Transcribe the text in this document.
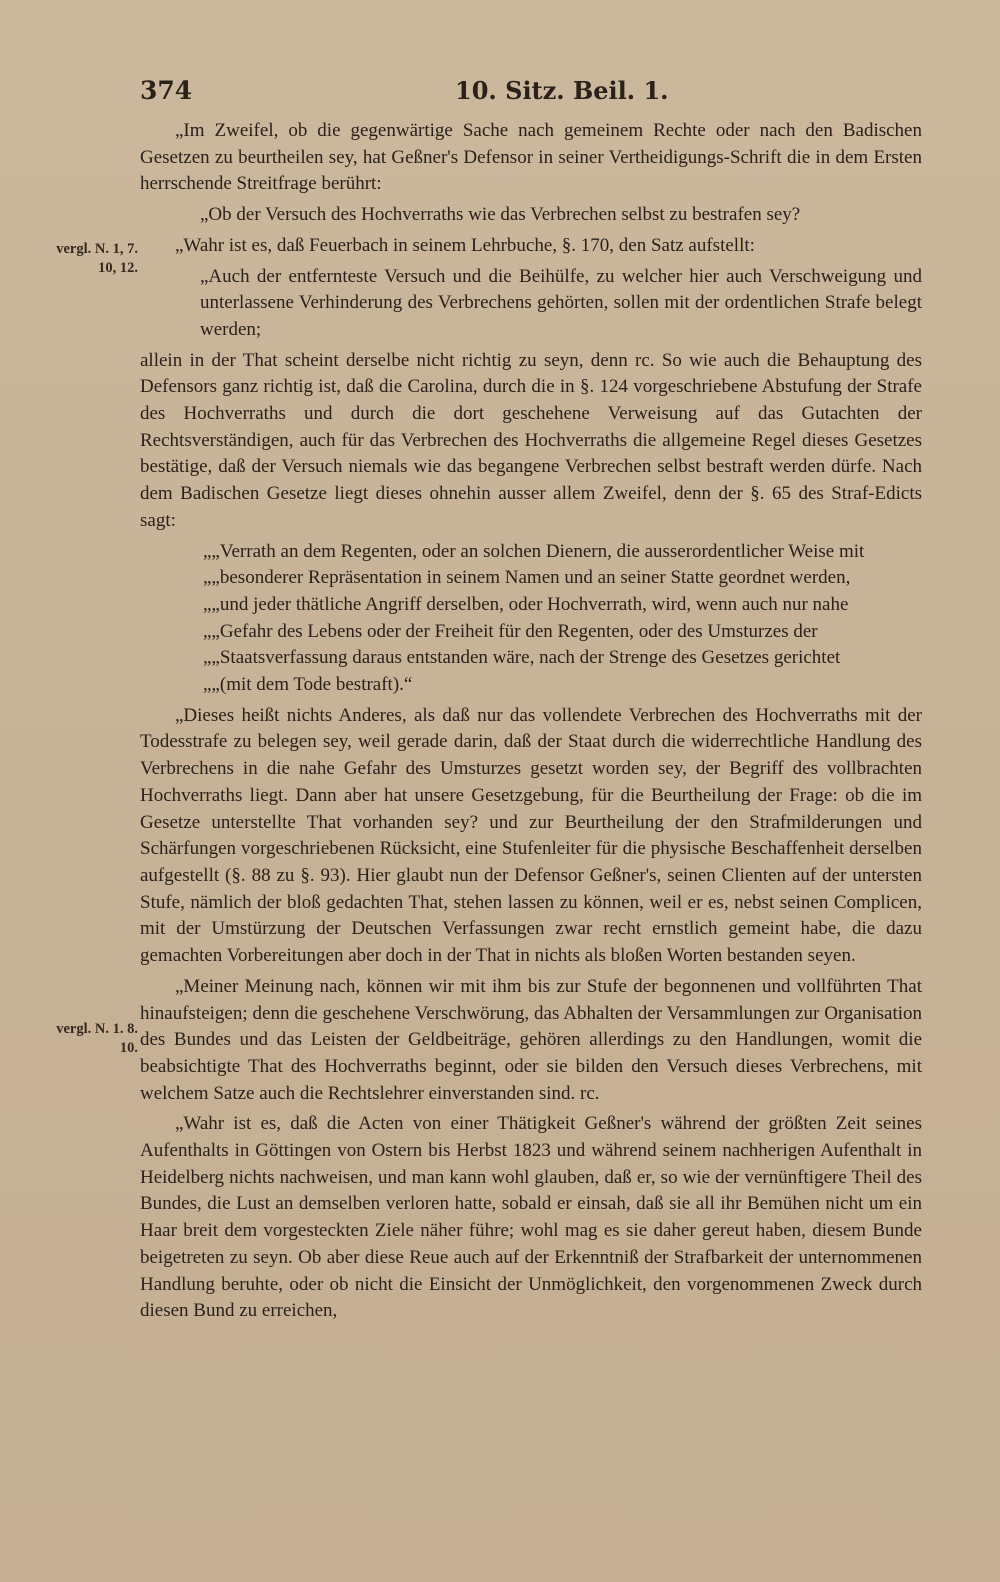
374	10. Sitz. Beil. 1.
vergl. N. 1, 7. 10, 12.
vergl. N. 1. 8. 10.

„Im Zweifel, ob die gegenwärtige Sache nach gemeinem Rechte oder nach den Badischen Gesetzen zu beurtheilen sey, hat Geßner's Defensor in seiner Vertheidigungs-Schrift die in dem Ersten herrschende Streitfrage berührt:

„Ob der Versuch des Hochverraths wie das Verbrechen selbst zu bestrafen sey?

„Wahr ist es, daß Feuerbach in seinem Lehrbuche, §. 170, den Satz aufstellt:

„Auch der entfernteste Versuch und die Beihülfe, zu welcher hier auch Verschweigung und unterlassene Verhinderung des Verbrechens gehörten, sollen mit der ordentlichen Strafe belegt werden;

allein in der That scheint derselbe nicht richtig zu seyn, denn rc. So wie auch die Behauptung des Defensors ganz richtig ist, daß die Carolina, durch die in §. 124 vorgeschriebene Abstufung der Strafe des Hochverraths und durch die dort geschehene Verweisung auf das Gutachten der Rechtsverständigen, auch für das Verbrechen des Hochverraths die allgemeine Regel dieses Gesetzes bestätige, daß der Versuch niemals wie das begangene Verbrechen selbst bestraft werden dürfe. Nach dem Badischen Gesetze liegt dieses ohnehin ausser allem Zweifel, denn der §. 65 des Straf-Edicts sagt:

„„Verrath an dem Regenten, oder an solchen Dienern, die ausserordentlicher Weise mit
„„besonderer Repräsentation in seinem Namen und an seiner Statte geordnet werden,
„„und jeder thätliche Angriff derselben, oder Hochverrath, wird, wenn auch nur nahe
„„Gefahr des Lebens oder der Freiheit für den Regenten, oder des Umsturzes der
„„Staatsverfassung daraus entstanden wäre, nach der Strenge des Gesetzes gerichtet
„„(mit dem Tode bestraft).“

„Dieses heißt nichts Anderes, als daß nur das vollendete Verbrechen des Hochverraths mit der Todesstrafe zu belegen sey, weil gerade darin, daß der Staat durch die widerrechtliche Handlung des Verbrechens in die nahe Gefahr des Umsturzes gesetzt worden sey, der Begriff des vollbrachten Hochverraths liegt. Dann aber hat unsere Gesetzgebung, für die Beurtheilung der Frage: ob die im Gesetze unterstellte That vorhanden sey? und zur Beurtheilung der den Strafmilderungen und Schärfungen vorgeschriebenen Rücksicht, eine Stufenleiter für die physische Beschaffenheit derselben aufgestellt (§. 88 zu §. 93). Hier glaubt nun der Defensor Geßner's, seinen Clienten auf der untersten Stufe, nämlich der bloß gedachten That, stehen lassen zu können, weil er es, nebst seinen Complicen, mit der Umstürzung der Deutschen Verfassungen zwar recht ernstlich gemeint habe, die dazu gemachten Vorbereitungen aber doch in der That in nichts als bloßen Worten bestanden seyen.

„Meiner Meinung nach, können wir mit ihm bis zur Stufe der begonnenen und vollführten That hinaufsteigen; denn die geschehene Verschwörung, das Abhalten der Versammlungen zur Organisation des Bundes und das Leisten der Geldbeiträge, gehören allerdings zu den Handlungen, womit die beabsichtigte That des Hochverraths beginnt, oder sie bilden den Versuch dieses Verbrechens, mit welchem Satze auch die Rechtslehrer einverstanden sind. rc.

„Wahr ist es, daß die Acten von einer Thätigkeit Geßner's während der größten Zeit seines Aufenthalts in Göttingen von Ostern bis Herbst 1823 und während seinem nachherigen Aufenthalt in Heidelberg nichts nachweisen, und man kann wohl glauben, daß er, so wie der vernünftigere Theil des Bundes, die Lust an demselben verloren hatte, sobald er einsah, daß sie all ihr Bemühen nicht um ein Haar breit dem vorgesteckten Ziele näher führe; wohl mag es sie daher gereut haben, diesem Bunde beigetreten zu seyn. Ob aber diese Reue auch auf der Erkenntniß der Strafbarkeit der unternommenen Handlung beruhte, oder ob nicht die Einsicht der Unmöglichkeit, den vorgenommenen Zweck durch diesen Bund zu erreichen,
